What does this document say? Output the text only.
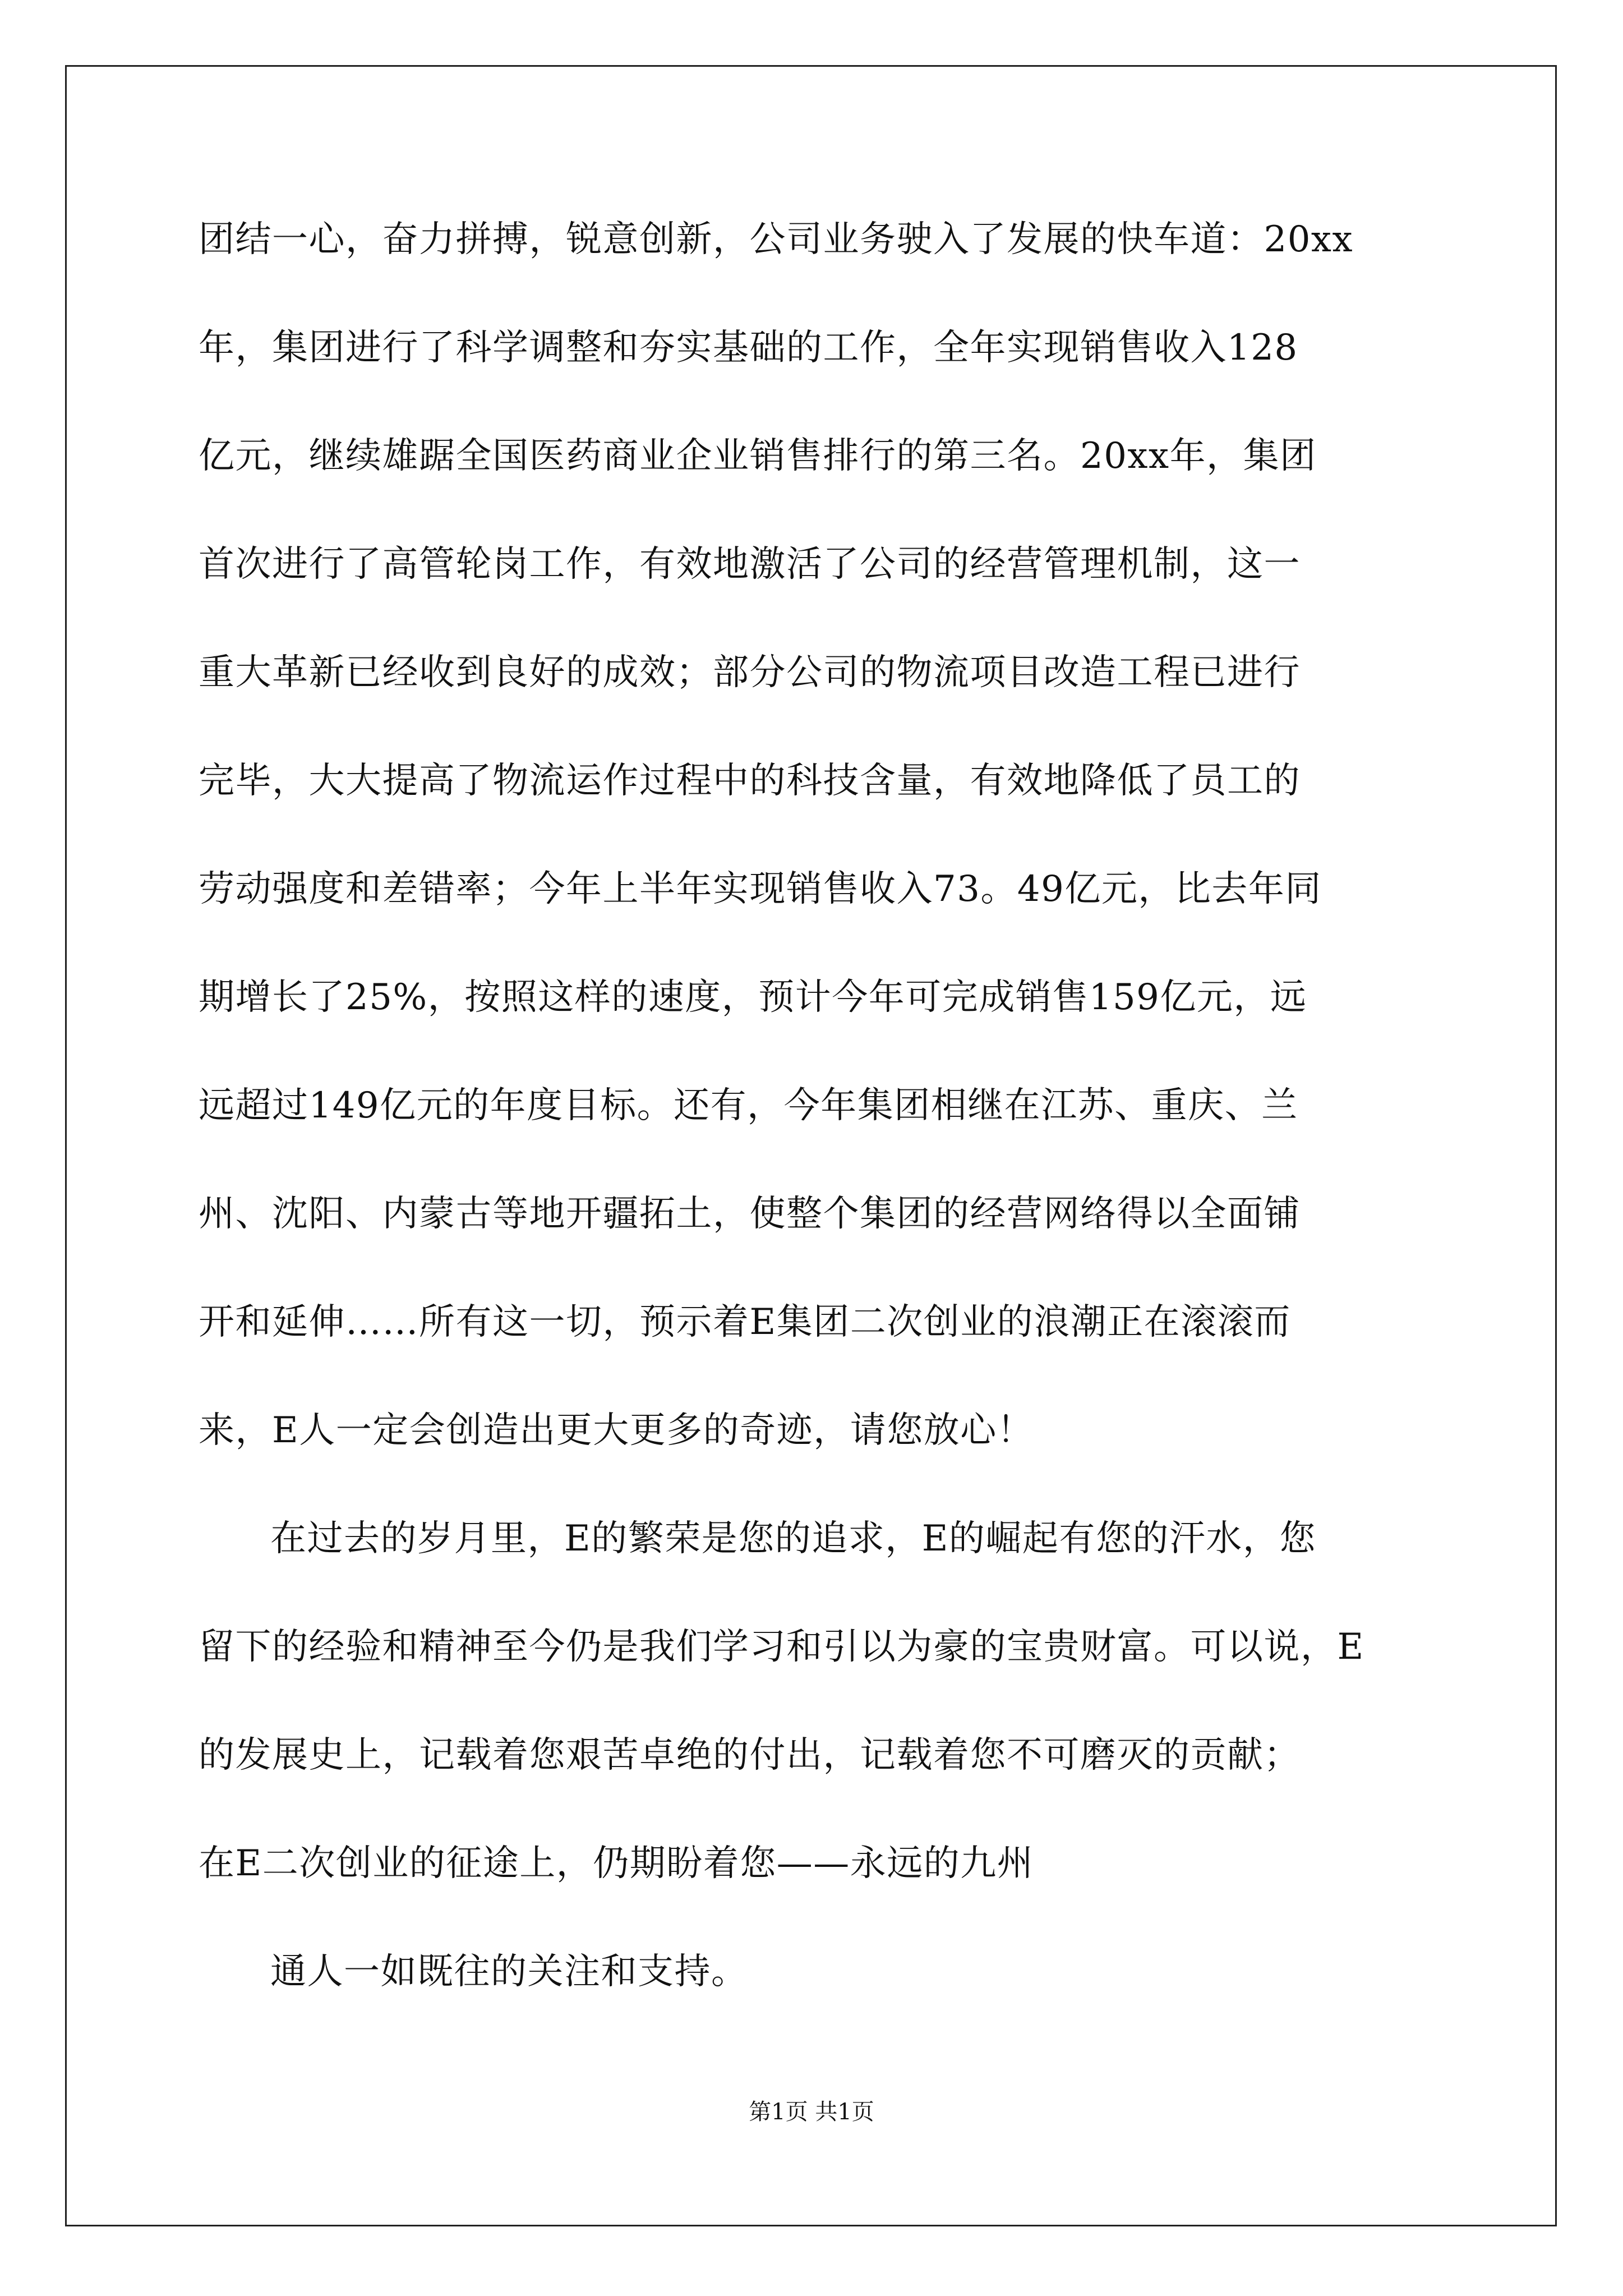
团结一心，奋力拼搏，锐意创新，公司业务驶入了发展的快车道：20xx
年，集团进行了科学调整和夯实基础的工作，全年实现销售收入128
亿元，继续雄踞全国医药商业企业销售排行的第三名。20xx年，集团
首次进行了高管轮岗工作，有效地激活了公司的经营管理机制，这一
重大革新已经收到良好的成效；部分公司的物流项目改造工程已进行
完毕，大大提高了物流运作过程中的科技含量，有效地降低了员工的
劳动强度和差错率；今年上半年实现销售收入73。49亿元，比去年同
期增长了25%，按照这样的速度，预计今年可完成销售159亿元，远
远超过149亿元的年度目标。还有，今年集团相继在江苏、重庆、兰
州、沈阳、内蒙古等地开疆拓土，使整个集团的经营网络得以全面铺
开和延伸……所有这一切，预示着E集团二次创业的浪潮正在滚滚而
来，E人一定会创造出更大更多的奇迹，请您放心！
在过去的岁月里，E的繁荣是您的追求，E的崛起有您的汗水，您
留下的经验和精神至今仍是我们学习和引以为豪的宝贵财富。可以说，E
的发展史上，记载着您艰苦卓绝的付出，记载着您不可磨灭的贡献；
在E二次创业的征途上，仍期盼着您——永远的九州
通人一如既往的关注和支持。
第1页 共1页
